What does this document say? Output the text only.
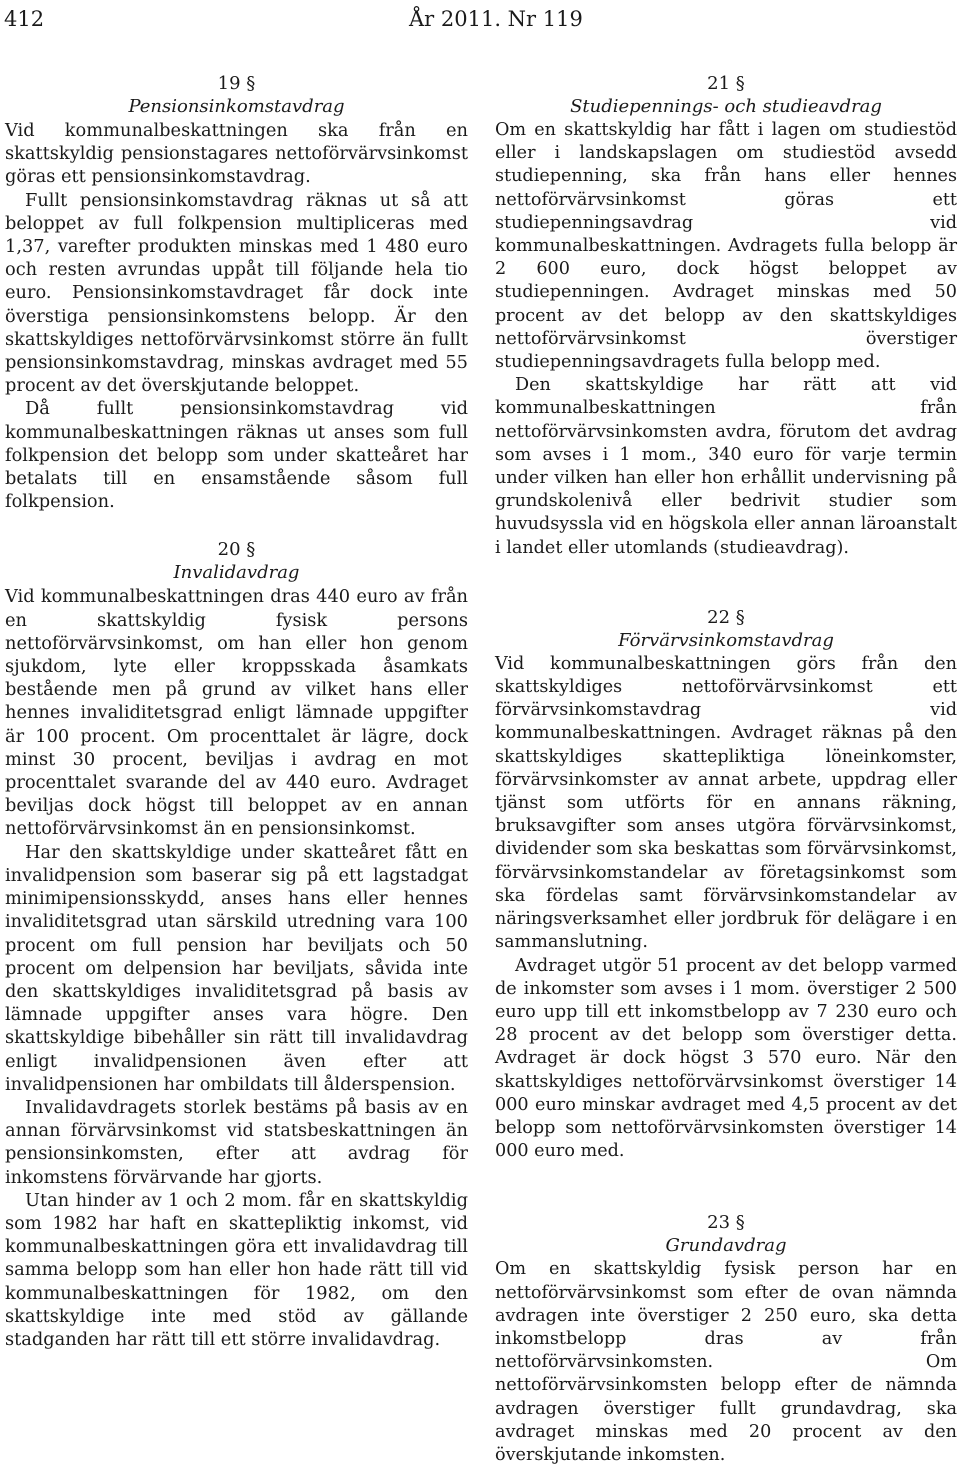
412	År 2011. Nr 119
19 §
Pensionsinkomstavdrag

Vid kommunalbeskattningen ska från en skattskyldig pensionstagares nettoförvärvsinkomst göras ett pensionsinkomstavdrag.

Fullt pensionsinkomstavdrag räknas ut så att beloppet av full folkpension multipliceras med 1,37, varefter produkten minskas med 1 480 euro och resten avrundas uppåt till följande hela tio euro. Pensionsinkomstavdraget får dock inte överstiga pensionsinkomstens belopp. Är den skattskyldiges nettoförvärvsinkomst större än fullt pensionsinkomstavdrag, minskas avdraget med 55 procent av det överskjutande beloppet.

Då fullt pensionsinkomstavdrag vid kommunalbeskattningen räknas ut anses som full folkpension det belopp som under skatteåret har betalats till en ensamstående såsom full folkpension.

20 §
Invalidavdrag

Vid kommunalbeskattningen dras 440 euro av från en skattskyldig fysisk persons nettoförvärvsinkomst, om han eller hon genom sjukdom, lyte eller kroppsskada åsamkats bestående men på grund av vilket hans eller hennes invaliditetsgrad enligt lämnade uppgifter är 100 procent. Om procenttalet är lägre, dock minst 30 procent, beviljas i avdrag en mot procenttalet svarande del av 440 euro. Avdraget beviljas dock högst till beloppet av en annan nettoförvärvsinkomst än en pensionsinkomst.

Har den skattskyldige under skatteåret fått en invalidpension som baserar sig på ett lagstadgat minimipensionsskydd, anses hans eller hennes invaliditetsgrad utan särskild utredning vara 100 procent om full pension har beviljats och 50 procent om delpension har beviljats, såvida inte den skattskyldiges invaliditetsgrad på basis av lämnade uppgifter anses vara högre. Den skattskyldige bibehåller sin rätt till invalidavdrag enligt invalidpensionen även efter att invalidpensionen har ombildats till ålderspension.

Invalidavdragets storlek bestäms på basis av en annan förvärvsinkomst vid statsbeskattningen än pensionsinkomsten, efter att avdrag för inkomstens förvärvande har gjorts.

Utan hinder av 1 och 2 mom. får en skattskyldig som 1982 har haft en skattepliktig inkomst, vid kommunalbeskattningen göra ett invalidavdrag till samma belopp som han eller hon hade rätt till vid kommunalbeskattningen för 1982, om den skattskyldige inte med stöd av gällande stadganden har rätt till ett större invalidavdrag.

21 §
Studiepennings- och studieavdrag

Om en skattskyldig har fått i lagen om studiestöd eller i landskapslagen om studiestöd avsedd studiepenning, ska från hans eller hennes nettoförvärvsinkomst göras ett studiepenningsavdrag vid kommunalbeskattningen. Avdragets fulla belopp är 2 600 euro, dock högst beloppet av studiepenningen. Avdraget minskas med 50 procent av det belopp av den skattskyldiges nettoförvärvsinkomst överstiger studiepenningsavdragets fulla belopp med.

Den skattskyldige har rätt att vid kommunalbeskattningen från nettoförvärvsinkomsten avdra, förutom det avdrag som avses i 1 mom., 340 euro för varje termin under vilken han eller hon erhållit undervisning på grundskolenivå eller bedrivit studier som huvudsyssla vid en högskola eller annan läroanstalt i landet eller utomlands (studieavdrag).

22 §
Förvärvsinkomstavdrag

Vid kommunalbeskattningen görs från den skattskyldiges nettoförvärvsinkomst ett förvärvsinkomstavdrag vid kommunalbeskattningen. Avdraget räknas på den skattskyldiges skattepliktiga löneinkomster, förvärvsinkomster av annat arbete, uppdrag eller tjänst som utförts för en annans räkning, bruksavgifter som anses utgöra förvärvsinkomst, dividender som ska beskattas som förvärvsinkomst, förvärvsinkomstandelar av företagsinkomst som ska fördelas samt förvärvsinkomstandelar av näringsverksamhet eller jordbruk för delägare i en sammanslutning.

Avdraget utgör 51 procent av det belopp varmed de inkomster som avses i 1 mom. överstiger 2 500 euro upp till ett inkomstbelopp av 7 230 euro och 28 procent av det belopp som överstiger detta. Avdraget är dock högst 3 570 euro. När den skattskyldiges nettoförvärvsinkomst överstiger 14 000 euro minskar avdraget med 4,5 procent av det belopp som nettoförvärvsinkomsten överstiger 14 000 euro med.

23 §
Grundavdrag

Om en skattskyldig fysisk person har en nettoförvärvsinkomst som efter de ovan nämnda avdragen inte överstiger 2 250 euro, ska detta inkomstbelopp dras av från nettoförvärvsinkomsten. Om nettoförvärvsinkomsten belopp efter de nämnda avdragen överstiger fullt grundavdrag, ska avdraget minskas med 20 procent av den överskjutande inkomsten.
